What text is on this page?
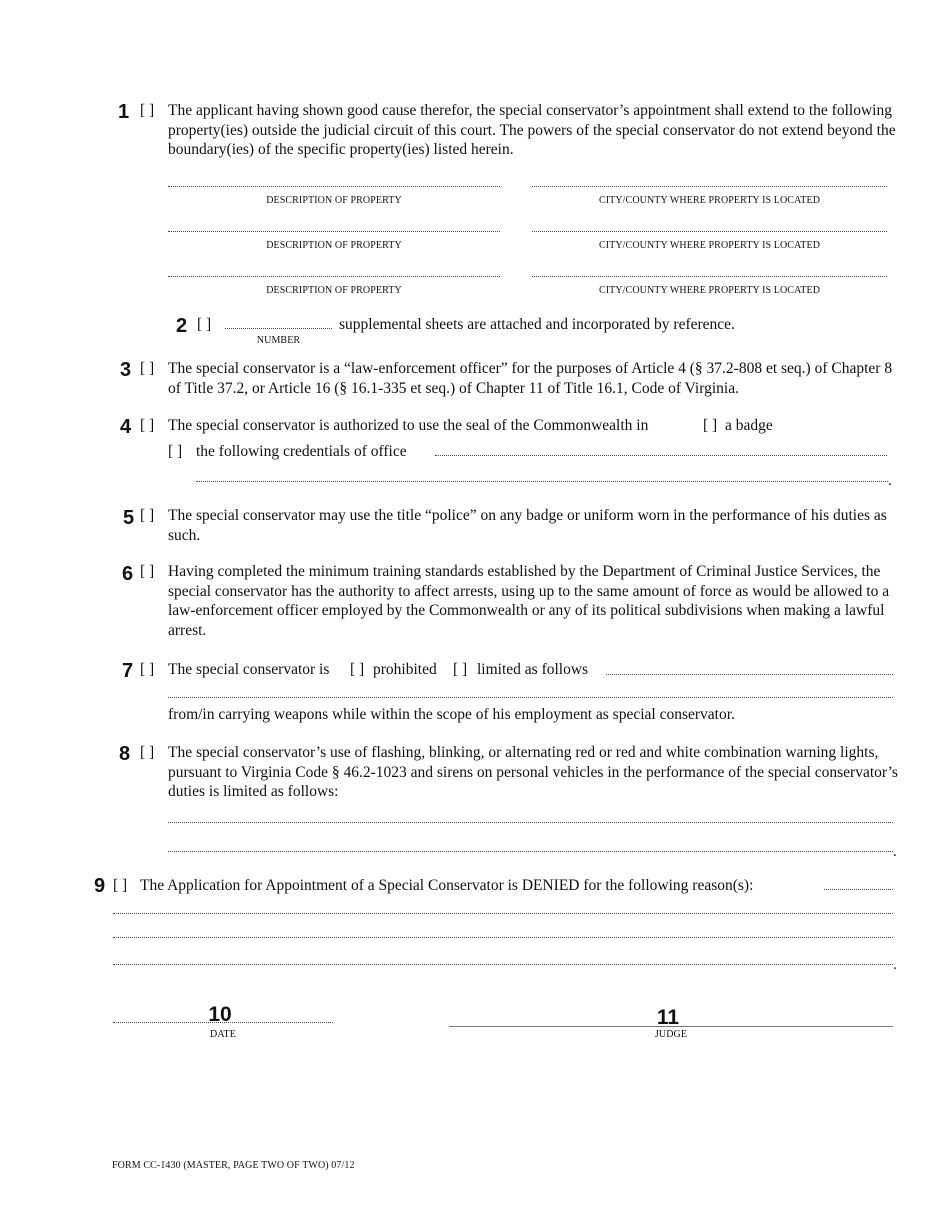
1 [ ] The applicant having shown good cause therefor, the special conservator’s appointment shall extend to the following property(ies) outside the judicial circuit of this court. The powers of the special conservator do not extend beyond the boundary(ies) of the specific property(ies) listed herein.
DESCRIPTION OF PROPERTY	CITY/COUNTY WHERE PROPERTY IS LOCATED
DESCRIPTION OF PROPERTY	CITY/COUNTY WHERE PROPERTY IS LOCATED
DESCRIPTION OF PROPERTY	CITY/COUNTY WHERE PROPERTY IS LOCATED
2 [ ]	supplemental sheets are attached and incorporated by reference.
NUMBER
3 [ ] The special conservator is a “law-enforcement officer” for the purposes of Article 4 (§ 37.2-808 et seq.) of Chapter 8 of Title 37.2, or Article 16 (§ 16.1-335 et seq.) of Chapter 11 of Title 16.1, Code of Virginia.
4 [ ] The special conservator is authorized to use the seal of the Commonwealth in	[ ] a badge
[ ] the following credentials of office
.
5 [ ] The special conservator may use the title “police” on any badge or uniform worn in the performance of his duties as such.
6 [ ] Having completed the minimum training standards established by the Department of Criminal Justice Services, the special conservator has the authority to affect arrests, using up to the same amount of force as would be allowed to a law-enforcement officer employed by the Commonwealth or any of its political subdivisions when making a lawful arrest.
7 [ ] The special conservator is [ ] prohibited [ ] limited as follows
from/in carrying weapons while within the scope of his employment as special conservator.
8 [ ] The special conservator’s use of flashing, blinking, or alternating red or red and white combination warning lights, pursuant to Virginia Code § 46.2-1023 and sirens on personal vehicles in the performance of the special conservator’s duties is limited as follows:
.
9 [ ] The Application for Appointment of a Special Conservator is DENIED for the following reason(s):
.
10
DATE
11
JUDGE
FORM CC-1430 (MASTER, PAGE TWO OF TWO) 07/12
